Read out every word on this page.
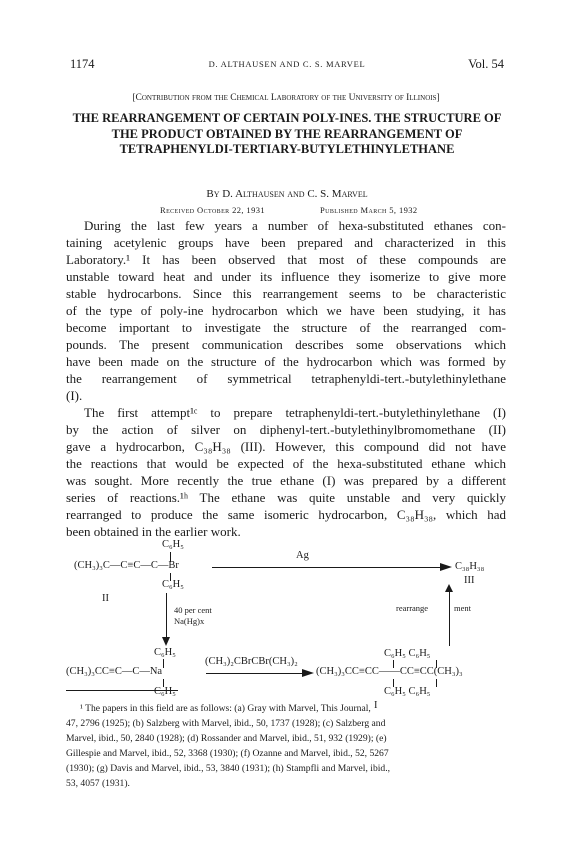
1174	D. ALTHAUSEN AND C. S. MARVEL	Vol. 54
[Contribution from the Chemical Laboratory of the University of Illinois]
THE REARRANGEMENT OF CERTAIN POLY-INES. THE STRUCTURE OF THE PRODUCT OBTAINED BY THE REARRANGEMENT OF TETRAPHENYLDI-TERTIARY-BUTYLETHINYLETHANE
By D. Althausen and C. S. Marvel
Received October 22, 1931	Published March 5, 1932
During the last few years a number of hexa-substituted ethanes con-
taining acetylenic groups have been prepared and characterized in this
Laboratory.¹ It has been observed that most of these compounds are
unstable toward heat and under its influence they isomerize to give more
stable hydrocarbons. Since this rearrangement seems to be characteristic
of the type of poly-ine hydrocarbon which we have been studying, it has
become important to investigate the structure of the rearranged com-
pounds. The present communication describes some observations which
have been made on the structure of the hydrocarbon which was formed by
the rearrangement of symmetrical tetraphenyldi-tert.-butylethinylethane
(I).
The first attempt¹ᶜ to prepare tetraphenyldi-tert.-butylethinylethane (I)
by the action of silver on diphenyl-tert.-butylethinylbromomethane (II)
gave a hydrocarbon, C₃₈H₃₈ (III). However, this compound did not have
the reactions that would be expected of the hexa-substituted ethane which
was sought. More recently the true ethane (I) was prepared by a different
series of reactions.¹ʰ The ethane was quite unstable and very quickly
rearranged to produce the same isomeric hydrocarbon, C₃₈H₃₈, which had
been obtained in the earlier work.
C₆H₅
(CH₃)₃C—C≡C—C—Br
C₆H₅
II
Ag
C₃₈H₃₈
III
40 per cent
Na(Hg)x
rearrange	ment
C₆H₅
(CH₃)₃CC≡C—C—Na
C₆H₅
(CH₃)₂CBrCBr(CH₃)₂
C₆H₅ C₆H₅
(CH₃)₃CC≡CC——CC≡CC(CH₃)₃
C₆H₅ C₆H₅
I
¹ The papers in this field are as follows: (a) Gray with Marvel, This Journal,
47, 2796 (1925); (b) Salzberg with Marvel, ibid., 50, 1737 (1928); (c) Salzberg and
Marvel, ibid., 50, 2840 (1928); (d) Rossander and Marvel, ibid., 51, 932 (1929); (e)
Gillespie and Marvel, ibid., 52, 3368 (1930); (f) Ozanne and Marvel, ibid., 52, 5267
(1930); (g) Davis and Marvel, ibid., 53, 3840 (1931); (h) Stampfli and Marvel, ibid.,
53, 4057 (1931).
